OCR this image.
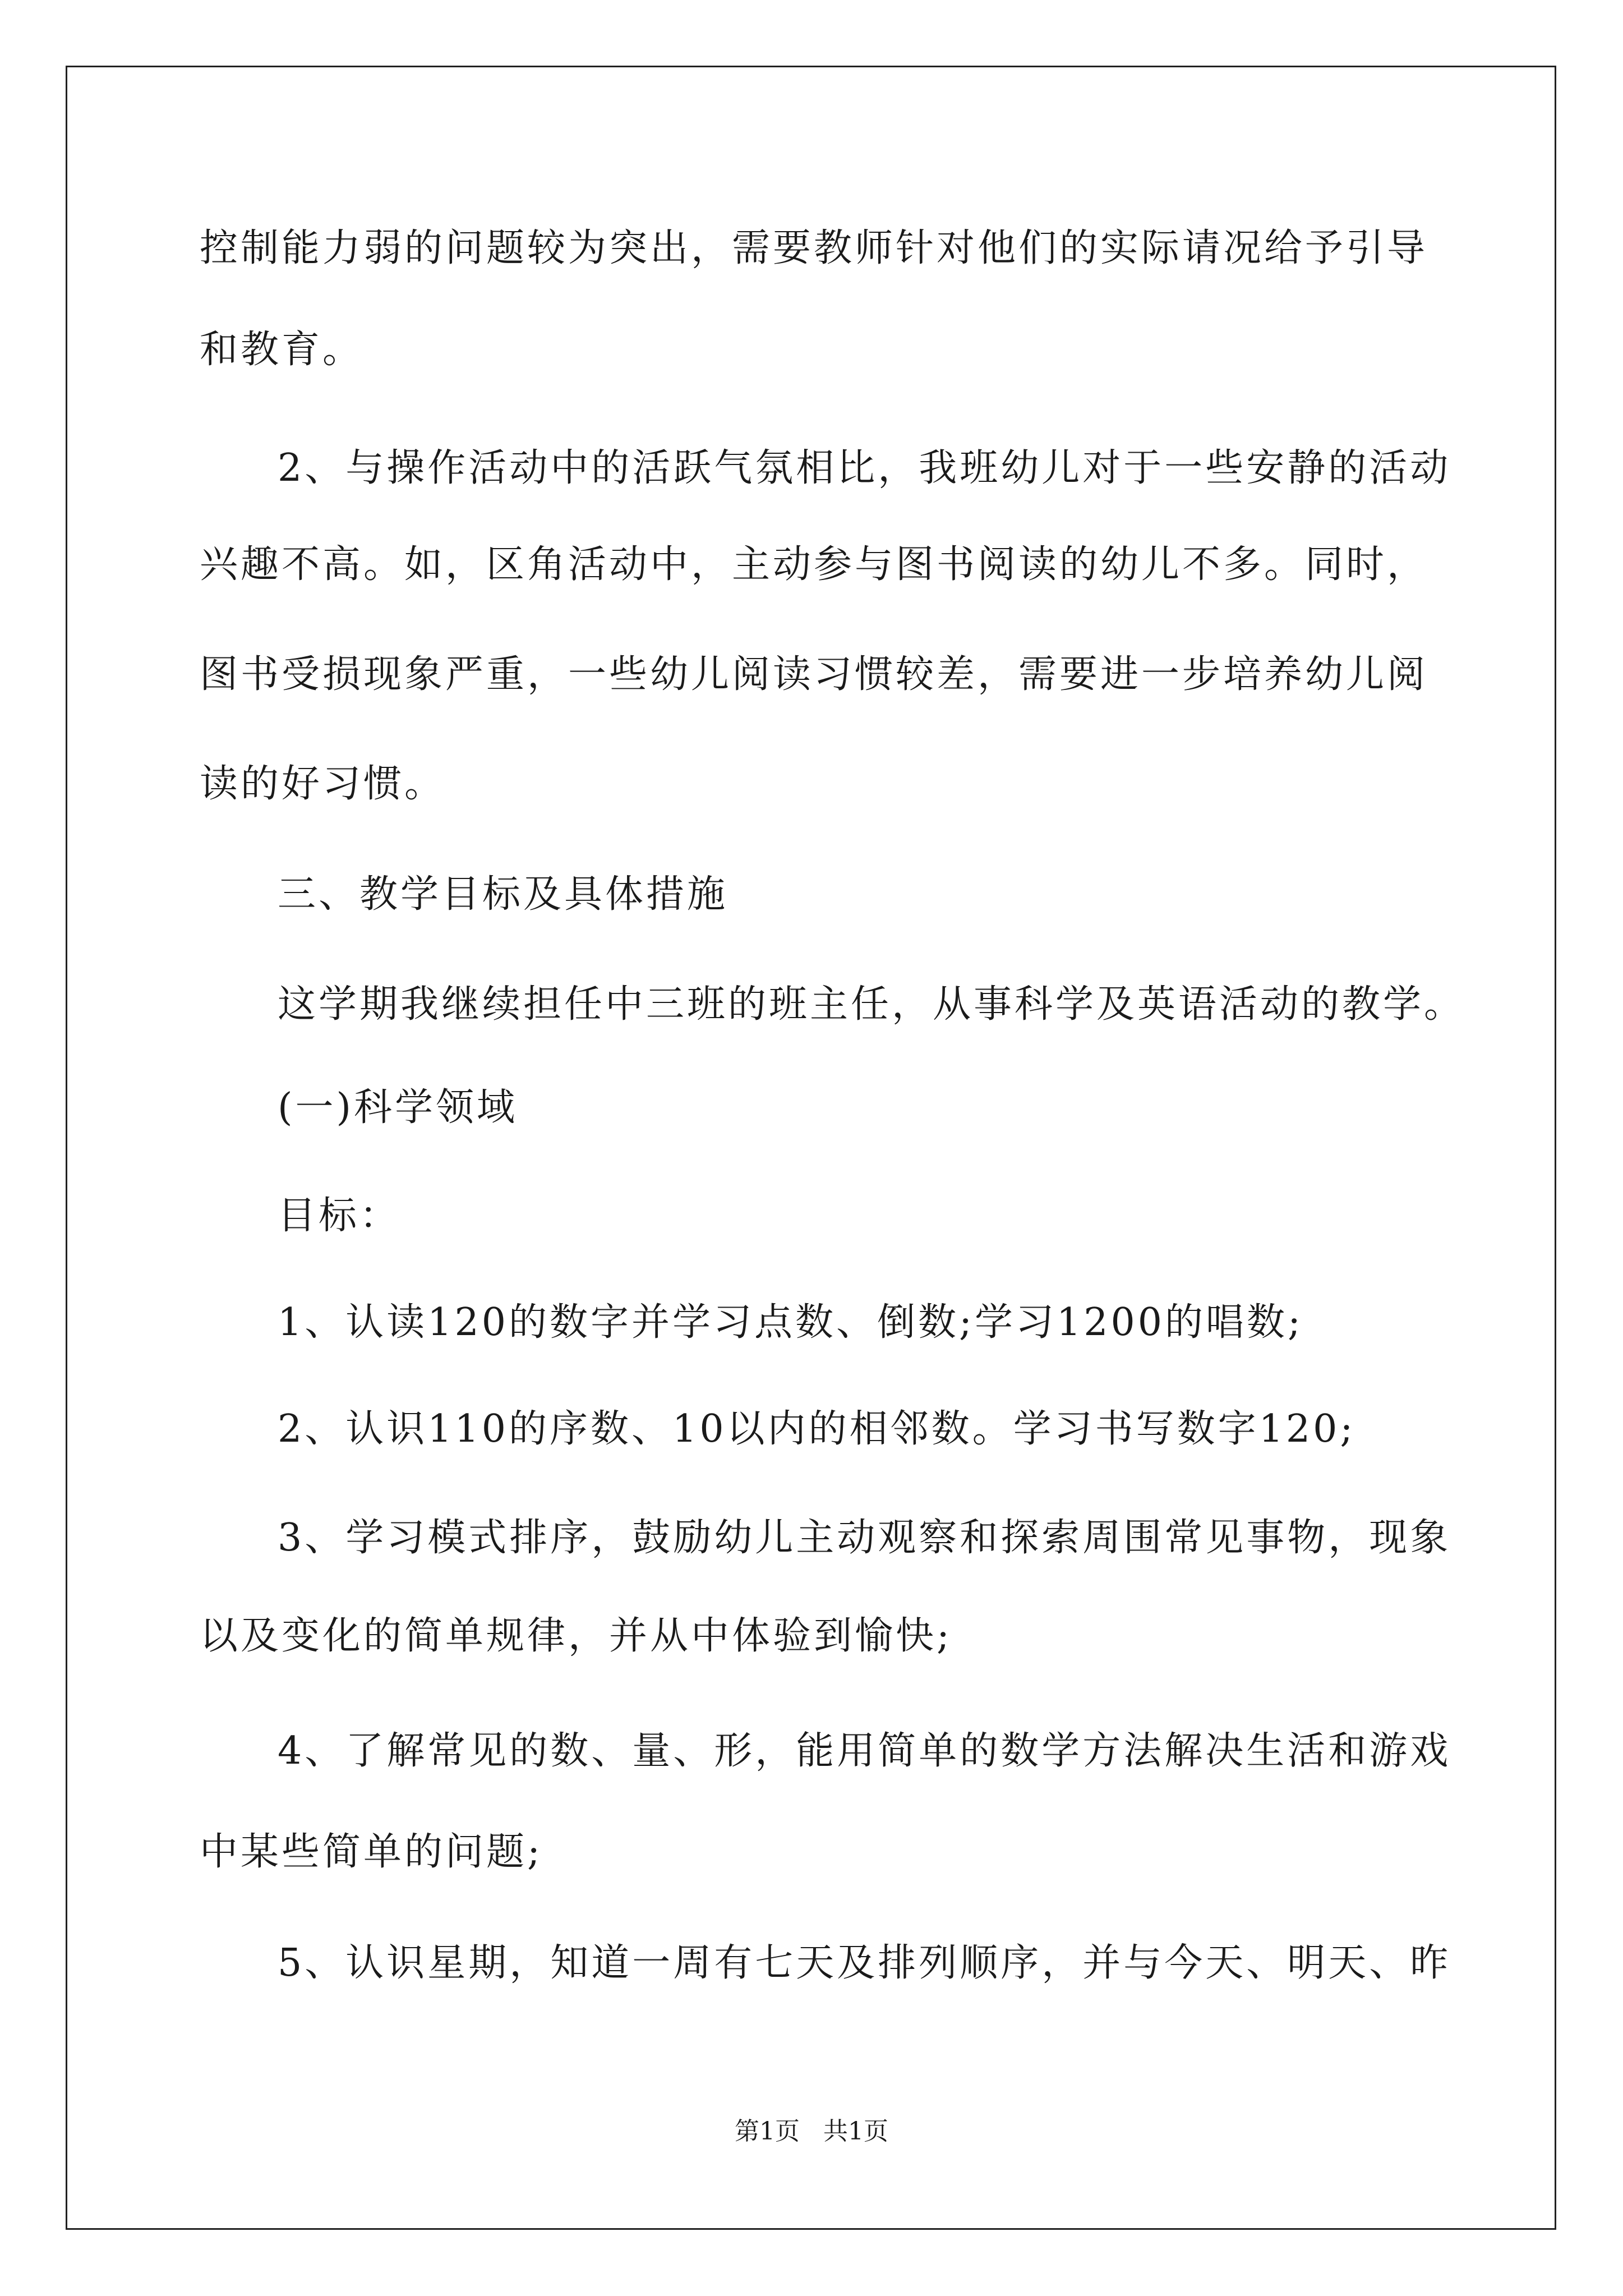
控制能力弱的问题较为突出，需要教师针对他们的实际请况给予引导
和教育。
2、与操作活动中的活跃气氛相比，我班幼儿对于一些安静的活动
兴趣不高。如，区角活动中，主动参与图书阅读的幼儿不多。同时，
图书受损现象严重，一些幼儿阅读习惯较差，需要进一步培养幼儿阅
读的好习惯。
三、教学目标及具体措施
这学期我继续担任中三班的班主任，从事科学及英语活动的教学。
(一)科学领域
目标：
1、认读120的数字并学习点数、倒数;学习1200的唱数;
2、认识110的序数、10以内的相邻数。学习书写数字120;
3、学习模式排序，鼓励幼儿主动观察和探索周围常见事物，现象
以及变化的简单规律，并从中体验到愉快;
4、了解常见的数、量、形，能用简单的数学方法解决生活和游戏
中某些简单的问题;
5、认识星期，知道一周有七天及排列顺序，并与今天、明天、昨
第1页   共1页
